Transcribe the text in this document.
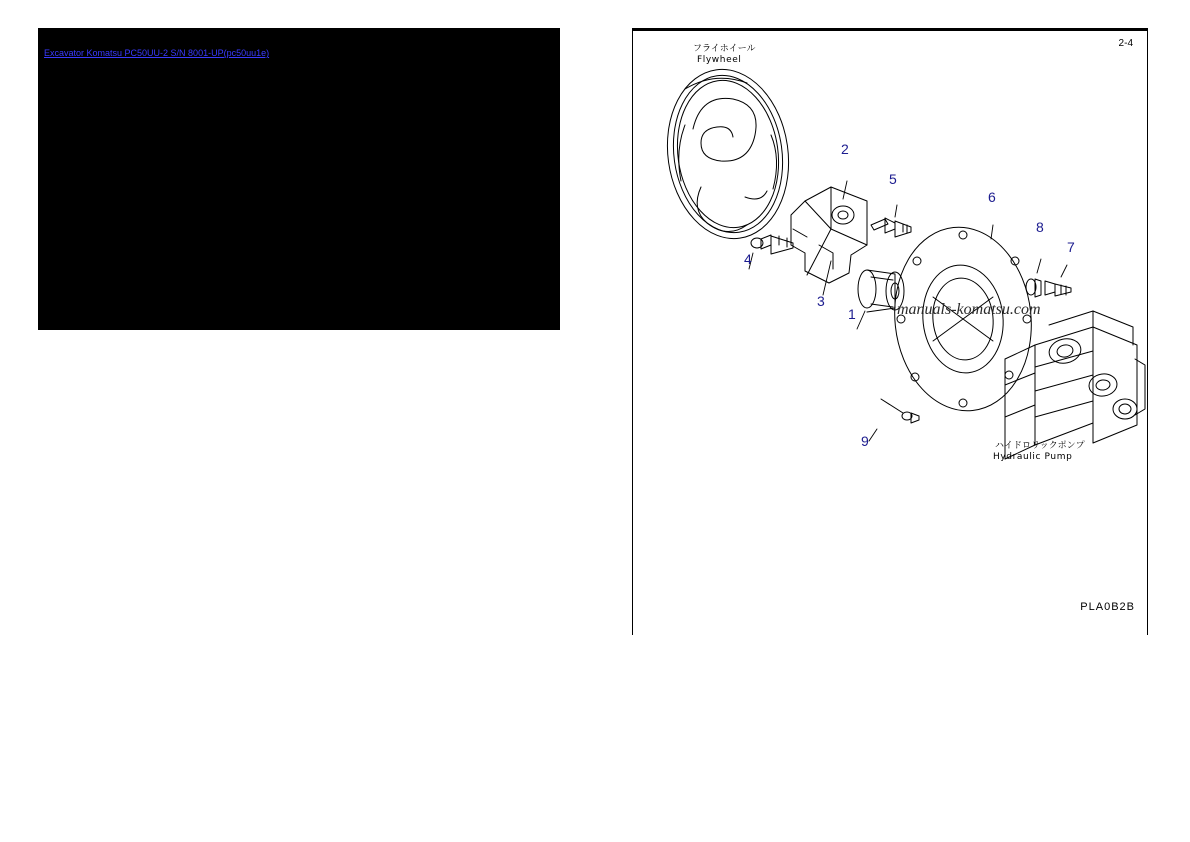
Excavator Komatsu PC50UU-2 S/N 8001-UP(pc50uu1e)
2-4
フライホイール
Flywheel
ハイドロリックポンプ
Hydraulic Pump
2
5
6
8
7
4
3
1
9
manuals-komatsu.com
PLA0B2B
